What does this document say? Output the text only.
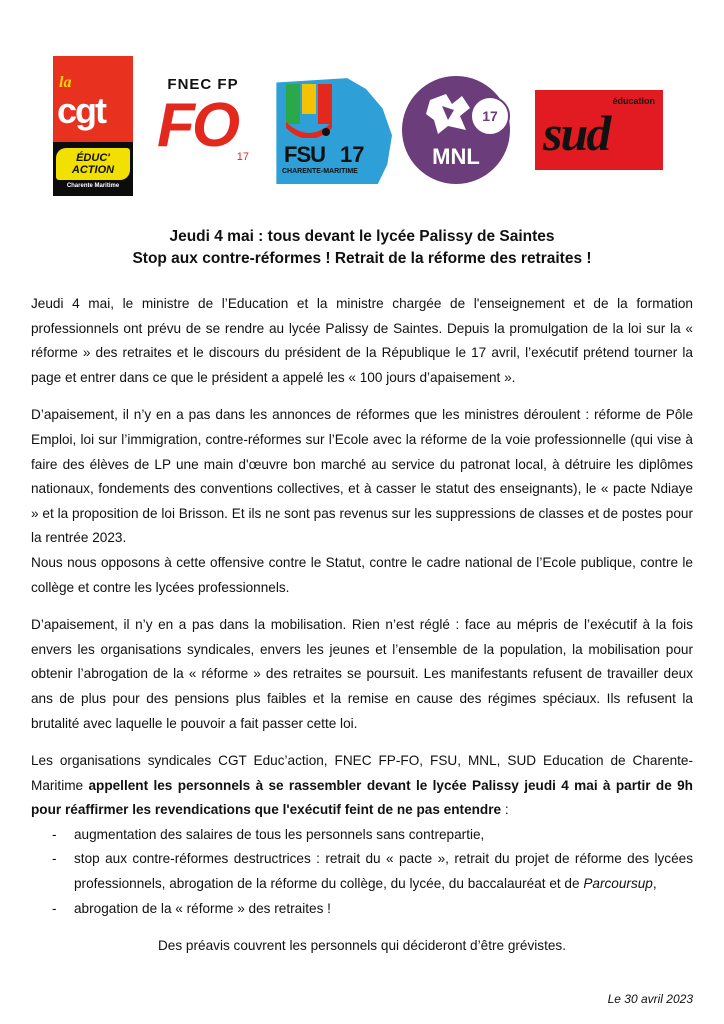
la
cgt
ÉDUC'
ACTION
Charente Maritime
FNEC FP
FO 17 FSU 17
CHARENTE-MARITIME
17
MNL
éducation
sud
Jeudi 4 mai : tous devant le lycée Palissy de Saintes
Stop aux contre-réformes ! Retrait de la réforme des retraites !

Jeudi 4 mai, le ministre de l’Education et la ministre chargée de l'enseignement et de la formation professionnels ont prévu de se rendre au lycée Palissy de Saintes. Depuis la promulgation de la loi sur la « réforme » des retraites et le discours du président de la République le 17 avril, l’exécutif prétend tourner la page et entrer dans ce que le président a appelé les « 100 jours d’apaisement ».

D’apaisement, il n’y en a pas dans les annonces de réformes que les ministres déroulent : réforme de Pôle Emploi, loi sur l’immigration, contre-réformes sur l’Ecole avec la réforme de la voie professionnelle (qui vise à faire des élèves de LP une main d'œuvre bon marché au service du patronat local, à détruire les diplômes nationaux, fondements des conventions collectives, et à casser le statut des enseignants), le « pacte Ndiaye » et la proposition de loi Brisson. Et ils ne sont pas revenus sur les suppressions de classes et de postes pour la rentrée 2023.

Nous nous opposons à cette offensive contre le Statut, contre le cadre national de l’Ecole publique, contre le collège et contre les lycées professionnels.

D’apaisement, il n’y en a pas dans la mobilisation. Rien n’est réglé : face au mépris de l’exécutif à la fois envers les organisations syndicales, envers les jeunes et l’ensemble de la population, la mobilisation pour obtenir l’abrogation de la « réforme » des retraites se poursuit. Les manifestants refusent de travailler deux ans de plus pour des pensions plus faibles et la remise en cause des régimes spéciaux. Ils refusent la brutalité avec laquelle le pouvoir a fait passer cette loi.

Les organisations syndicales CGT Educ’action, FNEC FP-FO, FSU, MNL, SUD Education de Charente-Maritime appellent les personnels à se rassembler devant le lycée Palissy jeudi 4 mai à partir de 9h pour réaffirmer les revendications que l'exécutif feint de ne pas entendre :

- augmentation des salaires de tous les personnels sans contrepartie,
- stop aux contre-réformes destructrices : retrait du « pacte », retrait du projet de réforme des lycées professionnels, abrogation de la réforme du collège, du lycée, du baccalauréat et de Parcoursup,
- abrogation de la « réforme » des retraites !

Des préavis couvrent les personnels qui décideront d’être grévistes.

Le 30 avril 2023
